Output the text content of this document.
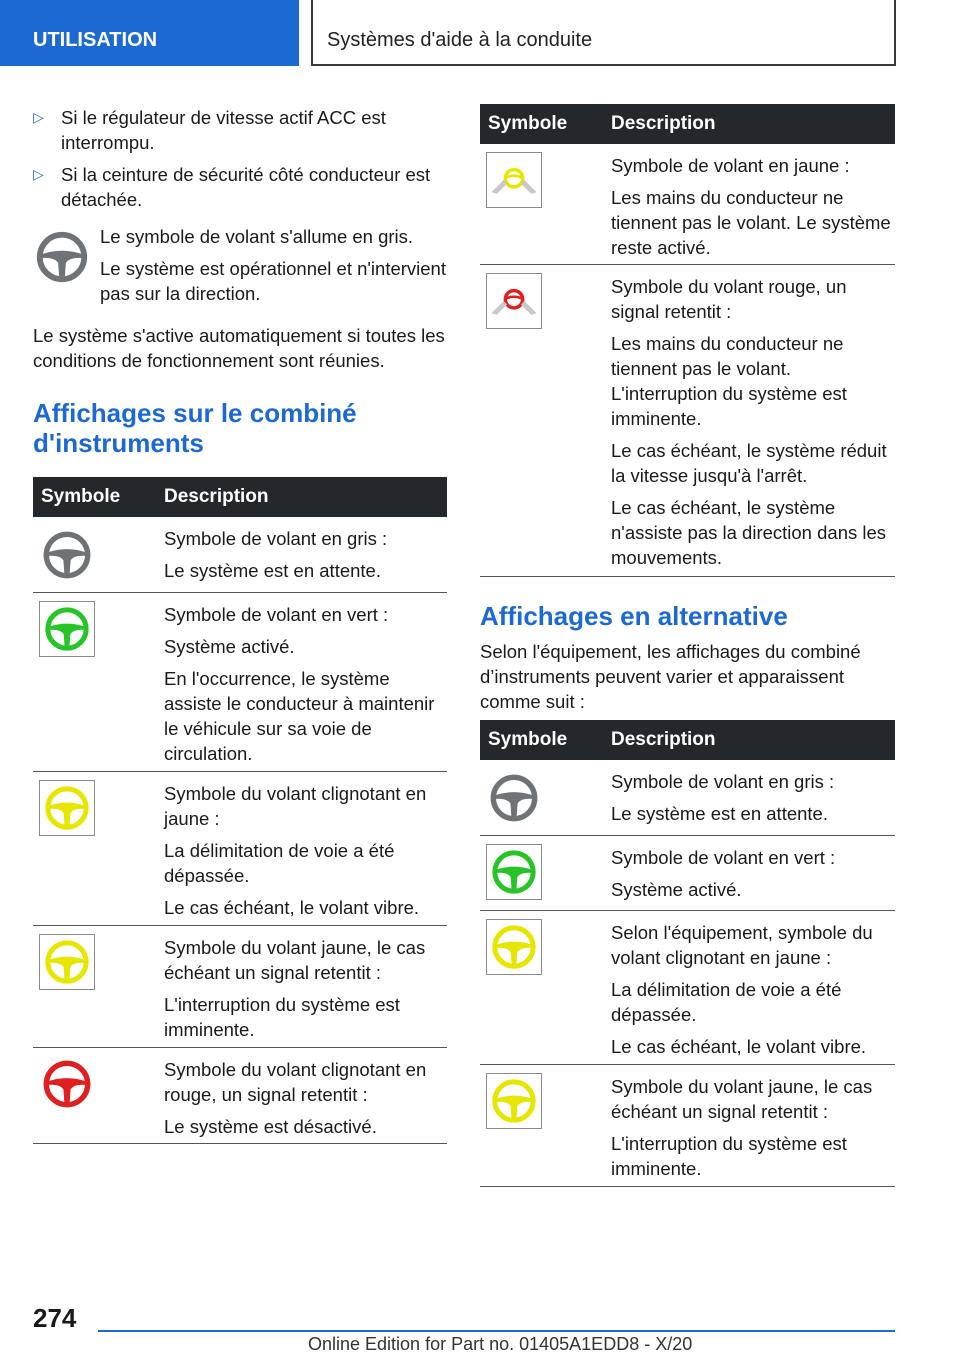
UTILISATION	Systèmes d'aide à la conduite
▷ Si le régulateur de vitesse actif ACC est interrompu.
▷ Si la ceinture de sécurité côté conducteur est détachée.

Le symbole de volant s'allume en gris.

Le système est opérationnel et n'intervient pas sur la direction.

Le système s'active automatiquement si toutes les conditions de fonctionnement sont réunies.
Affichages sur le combiné d'instruments
Symbole Description

Symbole de volant en gris :

Le système est en attente.

Symbole de volant en vert :

Système activé.

En l'occurrence, le système assiste le conducteur à maintenir le véhicule sur sa voie de circulation.

Symbole du volant clignotant en jaune :

La délimitation de voie a été dépassée.

Le cas échéant, le volant vibre.

Symbole du volant jaune, le cas échéant un signal retentit :

L'interruption du système est imminente.

Symbole du volant clignotant en rouge, un signal retentit :

Le système est désactivé.

Symbole Description

Symbole de volant en jaune :

Les mains du conducteur ne tiennent pas le volant. Le système reste activé.

Symbole du volant rouge, un signal retentit :

Les mains du conducteur ne tiennent pas le volant. L'interruption du système est imminente.

Le cas échéant, le système réduit la vitesse jusqu'à l'arrêt.

Le cas échéant, le système n'assiste pas la direction dans les mouvements.

Affichages en alternative
Selon l'équipement, les affichages du combiné d’instruments peuvent varier et apparaissent comme suit :
Symbole Description

Symbole de volant en gris :

Le système est en attente.

Symbole de volant en vert :

Système activé.

Selon l'équipement, symbole du volant clignotant en jaune :

La délimitation de voie a été dépassée.

Le cas échéant, le volant vibre.

Symbole du volant jaune, le cas échéant un signal retentit :

L'interruption du système est imminente.

274
Online Edition for Part no. 01405A1EDD8 - X/20
